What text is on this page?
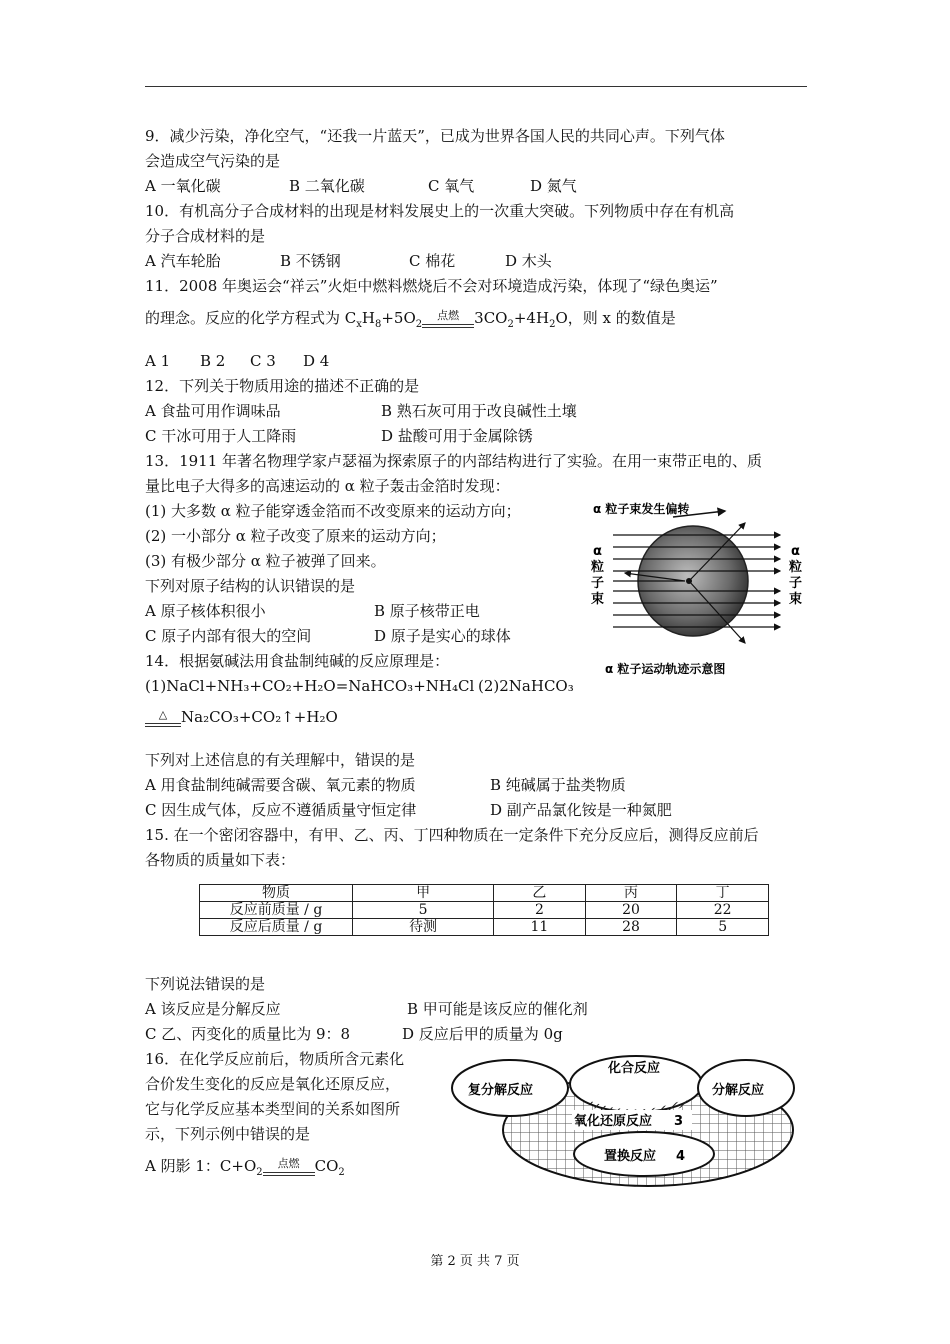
9．减少污染，净化空气，“还我一片蓝天”，已成为世界各国人民的共同心声。下列气体
会造成空气污染的是
A 一氧化碳	B 二氧化碳	C 氧气	D 氮气
10．有机高分子合成材料的出现是材料发展史上的一次重大突破。下列物质中存在有机高
分子合成材料的是
A 汽车轮胎	B 不锈钢	C 棉花	D 木头
11．2008 年奥运会“祥云”火炬中燃料燃烧后不会对环境造成污染，体现了“绿色奥运”
的理念。反应的化学方程式为 $C_xH_8+5O_2$
点燃	$3CO_2+4H_2O$，则 x 的数值是
A 1 B 2 C 3 D 4
12．下列关于物质用途的描述不正确的是
A 食盐可用作调味品	B 熟石灰可用于改良碱性土壤
C 干冰可用于人工降雨	D 盐酸可用于金属除锈
13．1911 年著名物理学家卢瑟福为探索原子的内部结构进行了实验。在用一束带正电的、质
量比电子大得多的高速运动的 α 粒子轰击金箔时发现：
(1) 大多数 α 粒子能穿透金箔而不改变原来的运动方向；
(2) 一小部分 α 粒子改变了原来的运动方向；
(3) 有极少部分 α 粒子被弹了回来。
下列对原子结构的认识错误的是
A 原子核体积很小	B 原子核带正电
C 原子内部有很大的空间	D 原子是实心的球体
α 粒子束发生偏转
α
粒
子
束
α
粒
子
束
α 粒子运动轨迹示意图
14．根据氨碱法用食盐制纯碱的反应原理是：
(1)NaCl+NH₃+CO₂+H₂O=NaHCO₃+NH₄Cl (2)2NaHCO₃
△ Na₂CO₃+CO₂↑+H₂O
下列对上述信息的有关理解中，错误的是
A 用食盐制纯碱需要含碳、氧元素的物质	B 纯碱属于盐类物质
C 因生成气体，反应不遵循质量守恒定律	D 副产品氯化铵是一种氮肥
15. 在一个密闭容器中，有甲、乙、丙、丁四种物质在一定条件下充分反应后，测得反应前后
各物质的质量如下表：
物质	甲	乙	丙	丁
反应前质量 / g	5	2	20	22
反应后质量 / g	待测	11	28	5
下列说法错误的是
A 该反应是分解反应	B 甲可能是该反应的催化剂
C 乙、丙变化的质量比为 9：8	D 反应后甲的质量为 0g
16．在化学反应前后，物质所含元素化
合价发生变化的反应是氧化还原反应，
它与化学反应基本类型间的关系如图所
示，下列示例中错误的是
A 阴影 1：$C+O_2$
点燃	$CO_2$
化合反应
复分解反应	分解反应
氧化还原反应 3
置换反应 4
第 2 页 共 7 页
